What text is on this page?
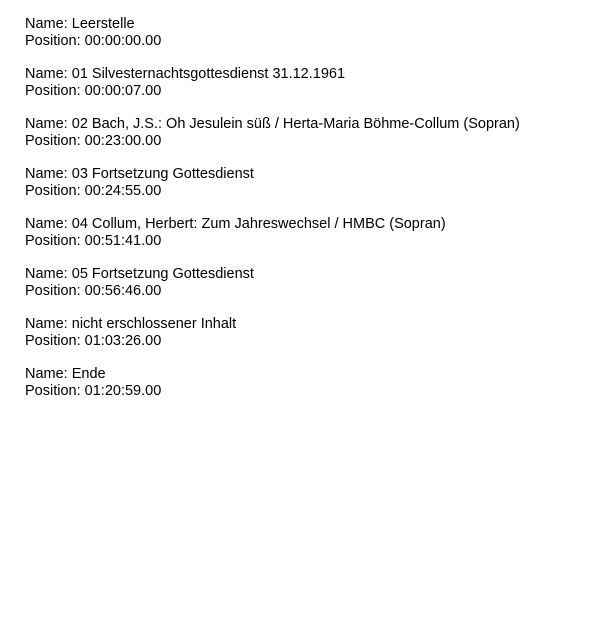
Name: Leerstelle
Position: 00:00:00.00
Name: 01 Silvesternachtsgottesdienst 31.12.1961
Position: 00:00:07.00
Name: 02 Bach, J.S.: Oh Jesulein süß / Herta-Maria Böhme-Collum (Sopran)
Position: 00:23:00.00
Name: 03 Fortsetzung Gottesdienst
Position: 00:24:55.00
Name: 04 Collum, Herbert: Zum Jahreswechsel / HMBC (Sopran)
Position: 00:51:41.00
Name: 05 Fortsetzung Gottesdienst
Position: 00:56:46.00
Name: nicht erschlossener Inhalt
Position: 01:03:26.00
Name: Ende
Position: 01:20:59.00
